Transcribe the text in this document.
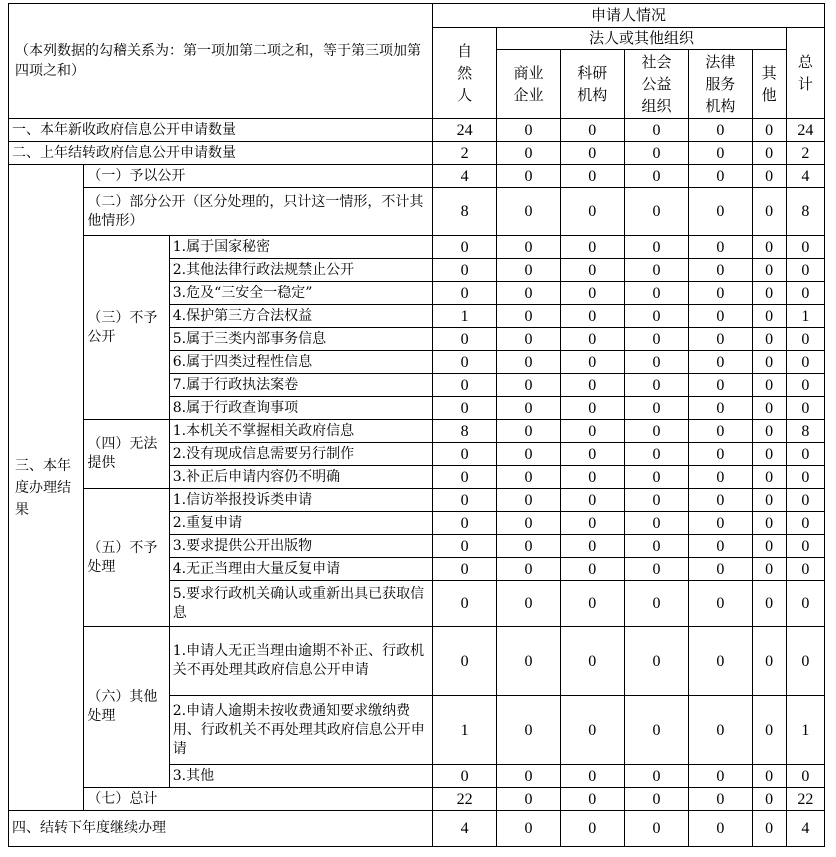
（本列数据的勾稽关系为：第一项加第二项之和，等于第三项加第四项之和）			申请人情况						

			自然人	法人或其他组织					总计

				商业企业	科研机构	社会公益组织	法律服务机构	其他	

一、本年新收政府信息公开申请数量			24	0	0	0	0	0	24
二、上年结转政府信息公开申请数量			2	0	0	0	0	0	2
三、本年度办理结果	（一）予以公开		4	0	0	0	0	0	4
	（二）部分公开（区分处理的，只计这一情形，不计其他情形）		8	0	0	0	0	0	8
	（三）不予公开	1.属于国家秘密	0	0	0	0	0	0	0
		2.其他法律行政法规禁止公开	0	0	0	0	0	0	0
		3.危及“三安全一稳定”	0	0	0	0	0	0	0
		4.保护第三方合法权益	1	0	0	0	0	0	1
		5.属于三类内部事务信息	0	0	0	0	0	0	0
		6.属于四类过程性信息	0	0	0	0	0	0	0
		7.属于行政执法案卷	0	0	0	0	0	0	0
		8.属于行政查询事项	0	0	0	0	0	0	0
	（四）无法提供	1.本机关不掌握相关政府信息	8	0	0	0	0	0	8
		2.没有现成信息需要另行制作	0	0	0	0	0	0	0
		3.补正后申请内容仍不明确	0	0	0	0	0	0	0
	（五）不予处理	1.信访举报投诉类申请	0	0	0	0	0	0	0
		2.重复申请	0	0	0	0	0	0	0
		3.要求提供公开出版物	0	0	0	0	0	0	0
		4.无正当理由大量反复申请	0	0	0	0	0	0	0
		5.要求行政机关确认或重新出具已获取信息	0	0	0	0	0	0	0
	（六）其他处理	1.申请人无正当理由逾期不补正、行政机关不再处理其政府信息公开申请	0	0	0	0	0	0	0
		2.申请人逾期未按收费通知要求缴纳费用、行政机关不再处理其政府信息公开申请	1	0	0	0	0	0	1
		3.其他	0	0	0	0	0	0	0
	（七）总计		22	0	0	0	0	0	22
四、结转下年度继续办理			4	0	0	0	0	0	4
